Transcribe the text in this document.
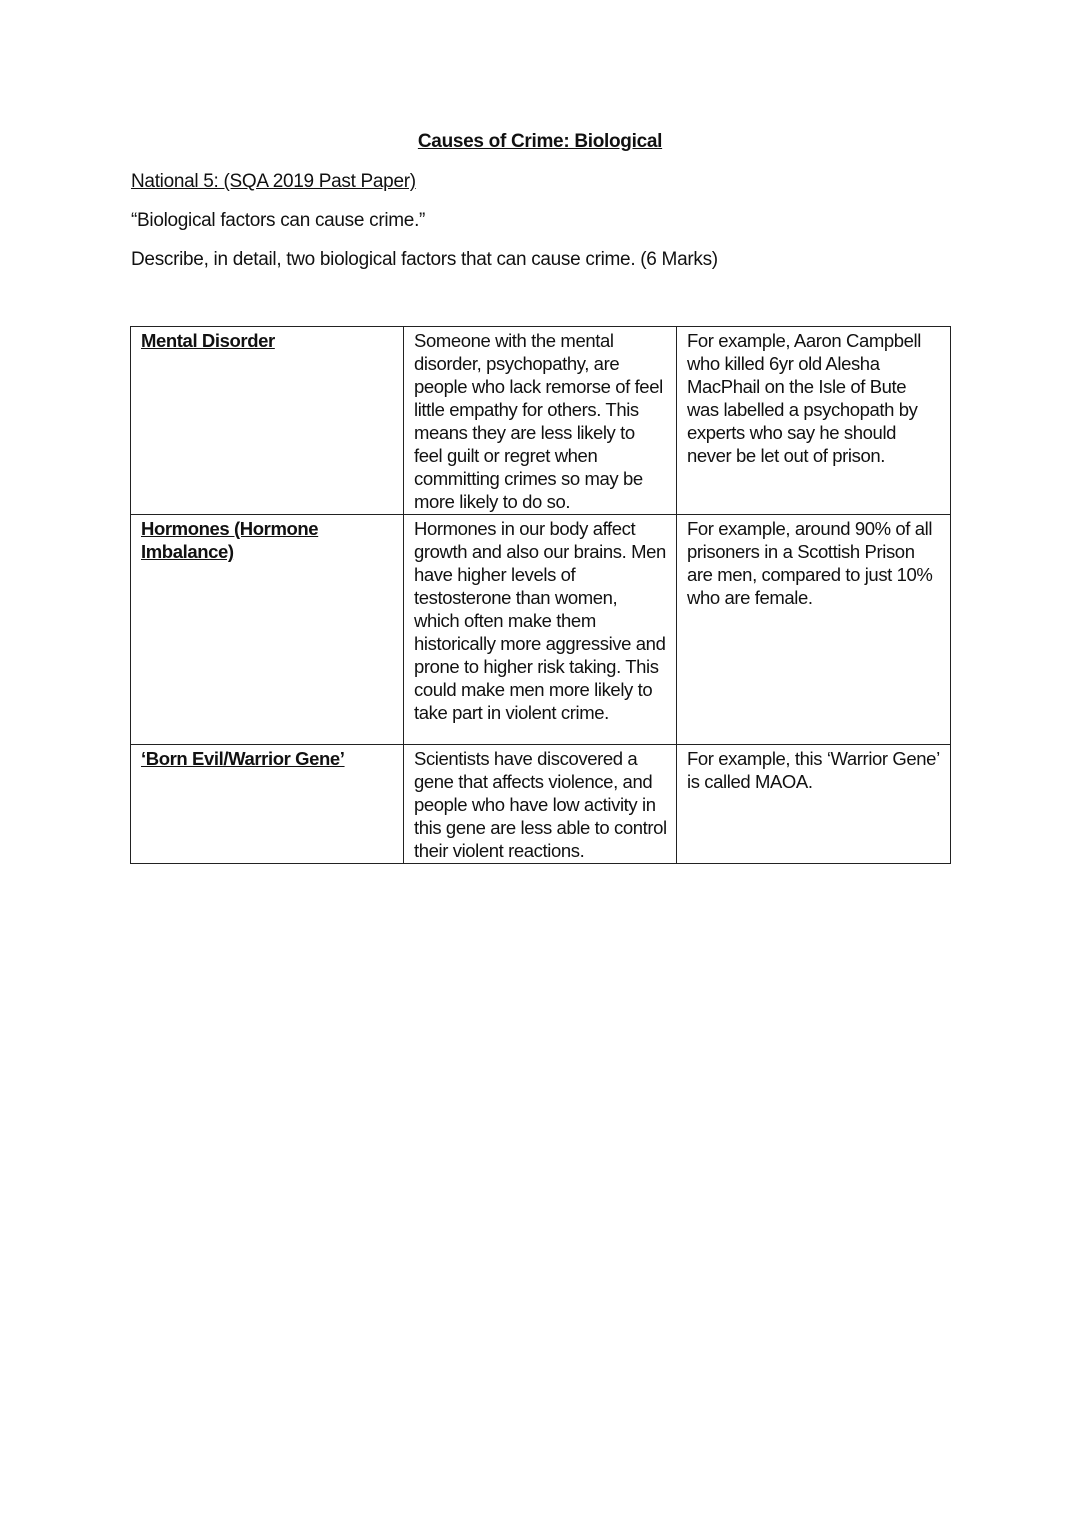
Causes of Crime: Biological
National 5: (SQA 2019 Past Paper)
“Biological factors can cause crime.”
Describe, in detail, two biological factors that can cause crime. (6 Marks)
Mental Disorder	Someone with the mental disorder, psychopathy, are people who lack remorse of feel little empathy for others. This means they are less likely to feel guilt or regret when committing crimes so may be more likely to do so.	For example, Aaron Campbell who killed 6yr old Alesha MacPhail on the Isle of Bute was labelled a psychopath by experts who say he should never be let out of prison.
Hormones (Hormone Imbalance)	Hormones in our body affect growth and also our brains. Men have higher levels of testosterone than women, which often make them historically more aggressive and prone to higher risk taking. This could make men more likely to take part in violent crime.	For example, around 90% of all prisoners in a Scottish Prison are men, compared to just 10% who are female.
‘Born Evil/Warrior Gene’	Scientists have discovered a gene that affects violence, and people who have low activity in this gene are less able to control their violent reactions.	For example, this ‘Warrior Gene’ is called MAOA.
